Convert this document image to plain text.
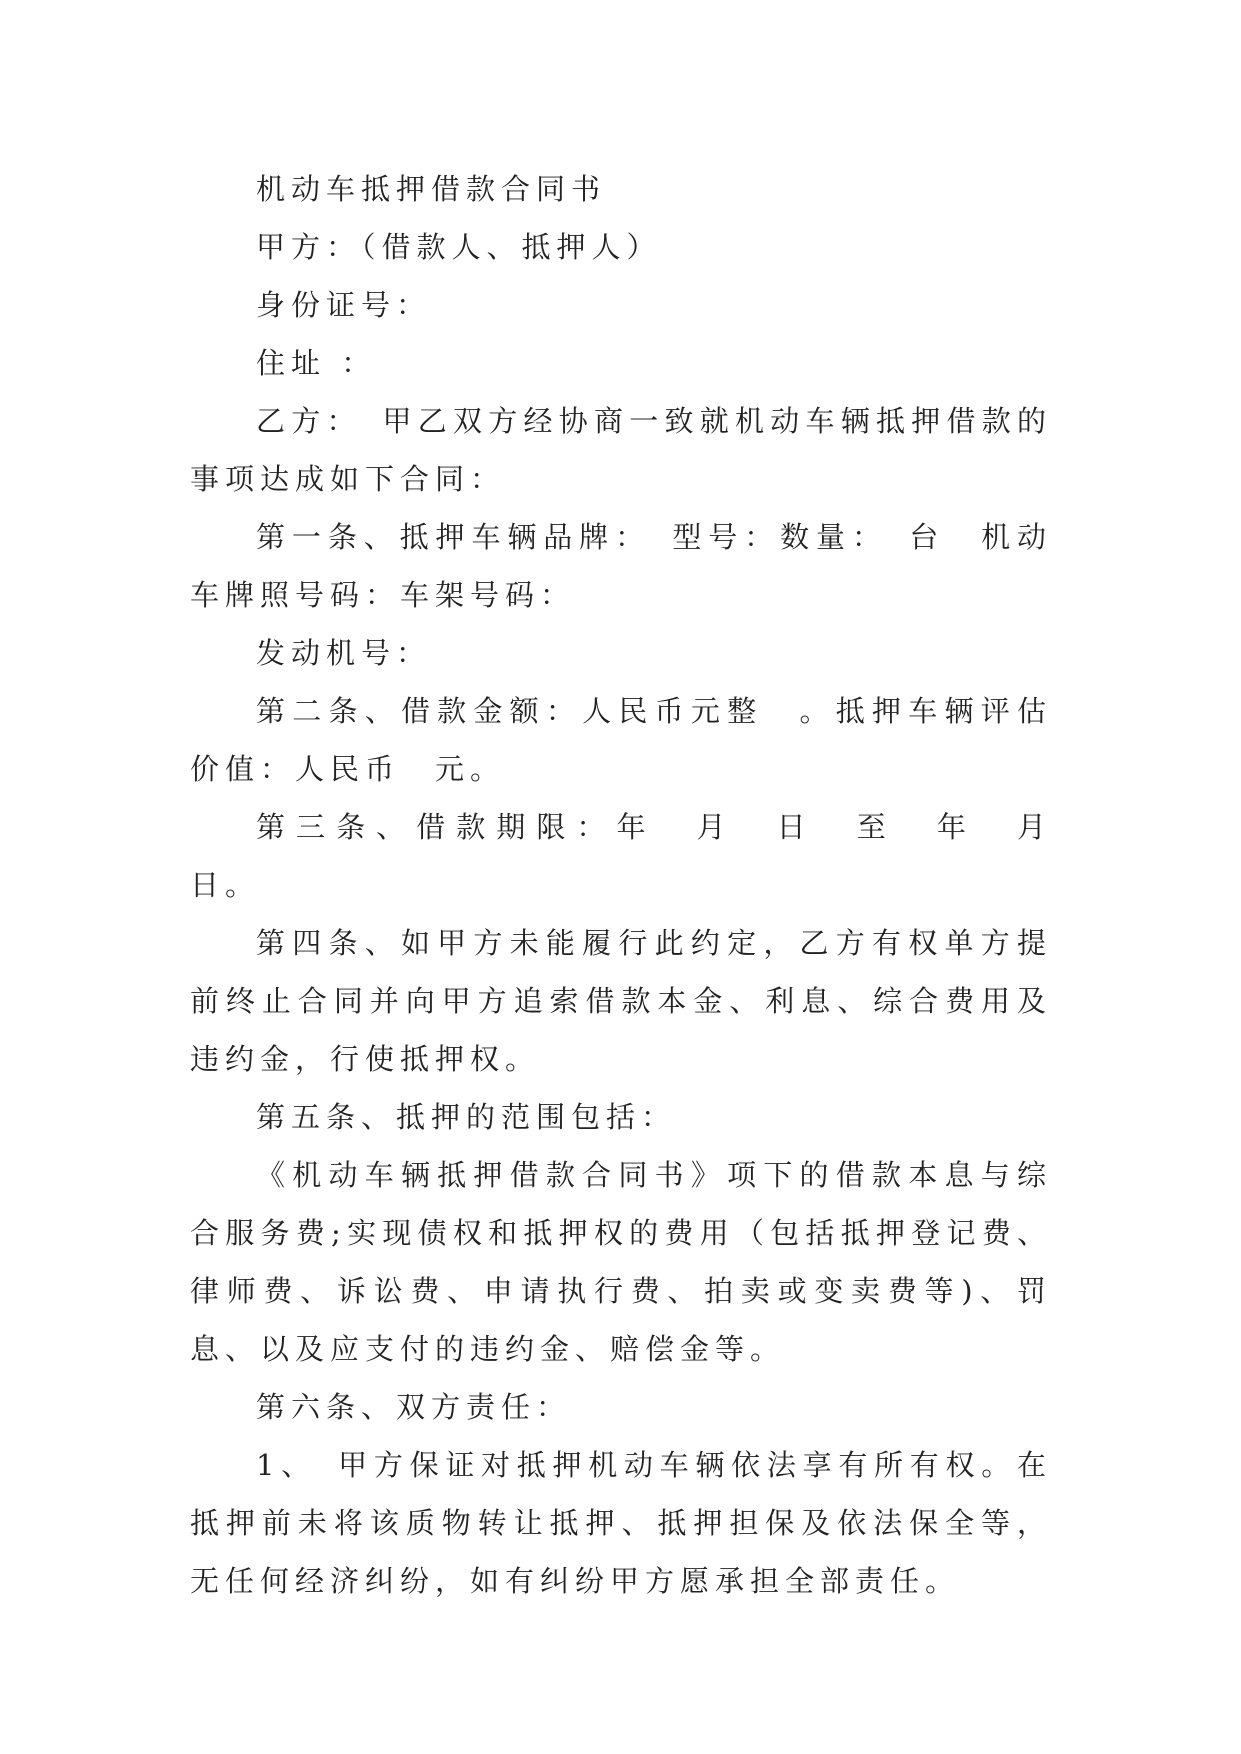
机动车抵押借款合同书

甲方：（借款人、抵押人）

身份证号：

住址 ：

乙方：　甲乙双方经协商一致就机动车辆抵押借款的事项达成如下合同：

第一条、抵押车辆品牌：　型号：数量：　台　机动车牌照号码：车架号码：

发动机号：

第二条、借款金额：人民币元整　。抵押车辆评估价值：人民币　元。

第三条、借款期限：年　月　日　至　年　月　日。

第四条、如甲方未能履行此约定，乙方有权单方提前终止合同并向甲方追索借款本金、利息、综合费用及违约金，行使抵押权。

第五条、抵押的范围包括：

《机动车辆抵押借款合同书》项下的借款本息与综合服务费;实现债权和抵押权的费用（包括抵押登记费、律师费、诉讼费、申请执行费、拍卖或变卖费等)、罚息、以及应支付的违约金、赔偿金等。

第六条、双方责任：

1、　甲方保证对抵押机动车辆依法享有所有权。在抵押前未将该质物转让抵押、抵押担保及依法保全等，无任何经济纠纷，如有纠纷甲方愿承担全部责任。
